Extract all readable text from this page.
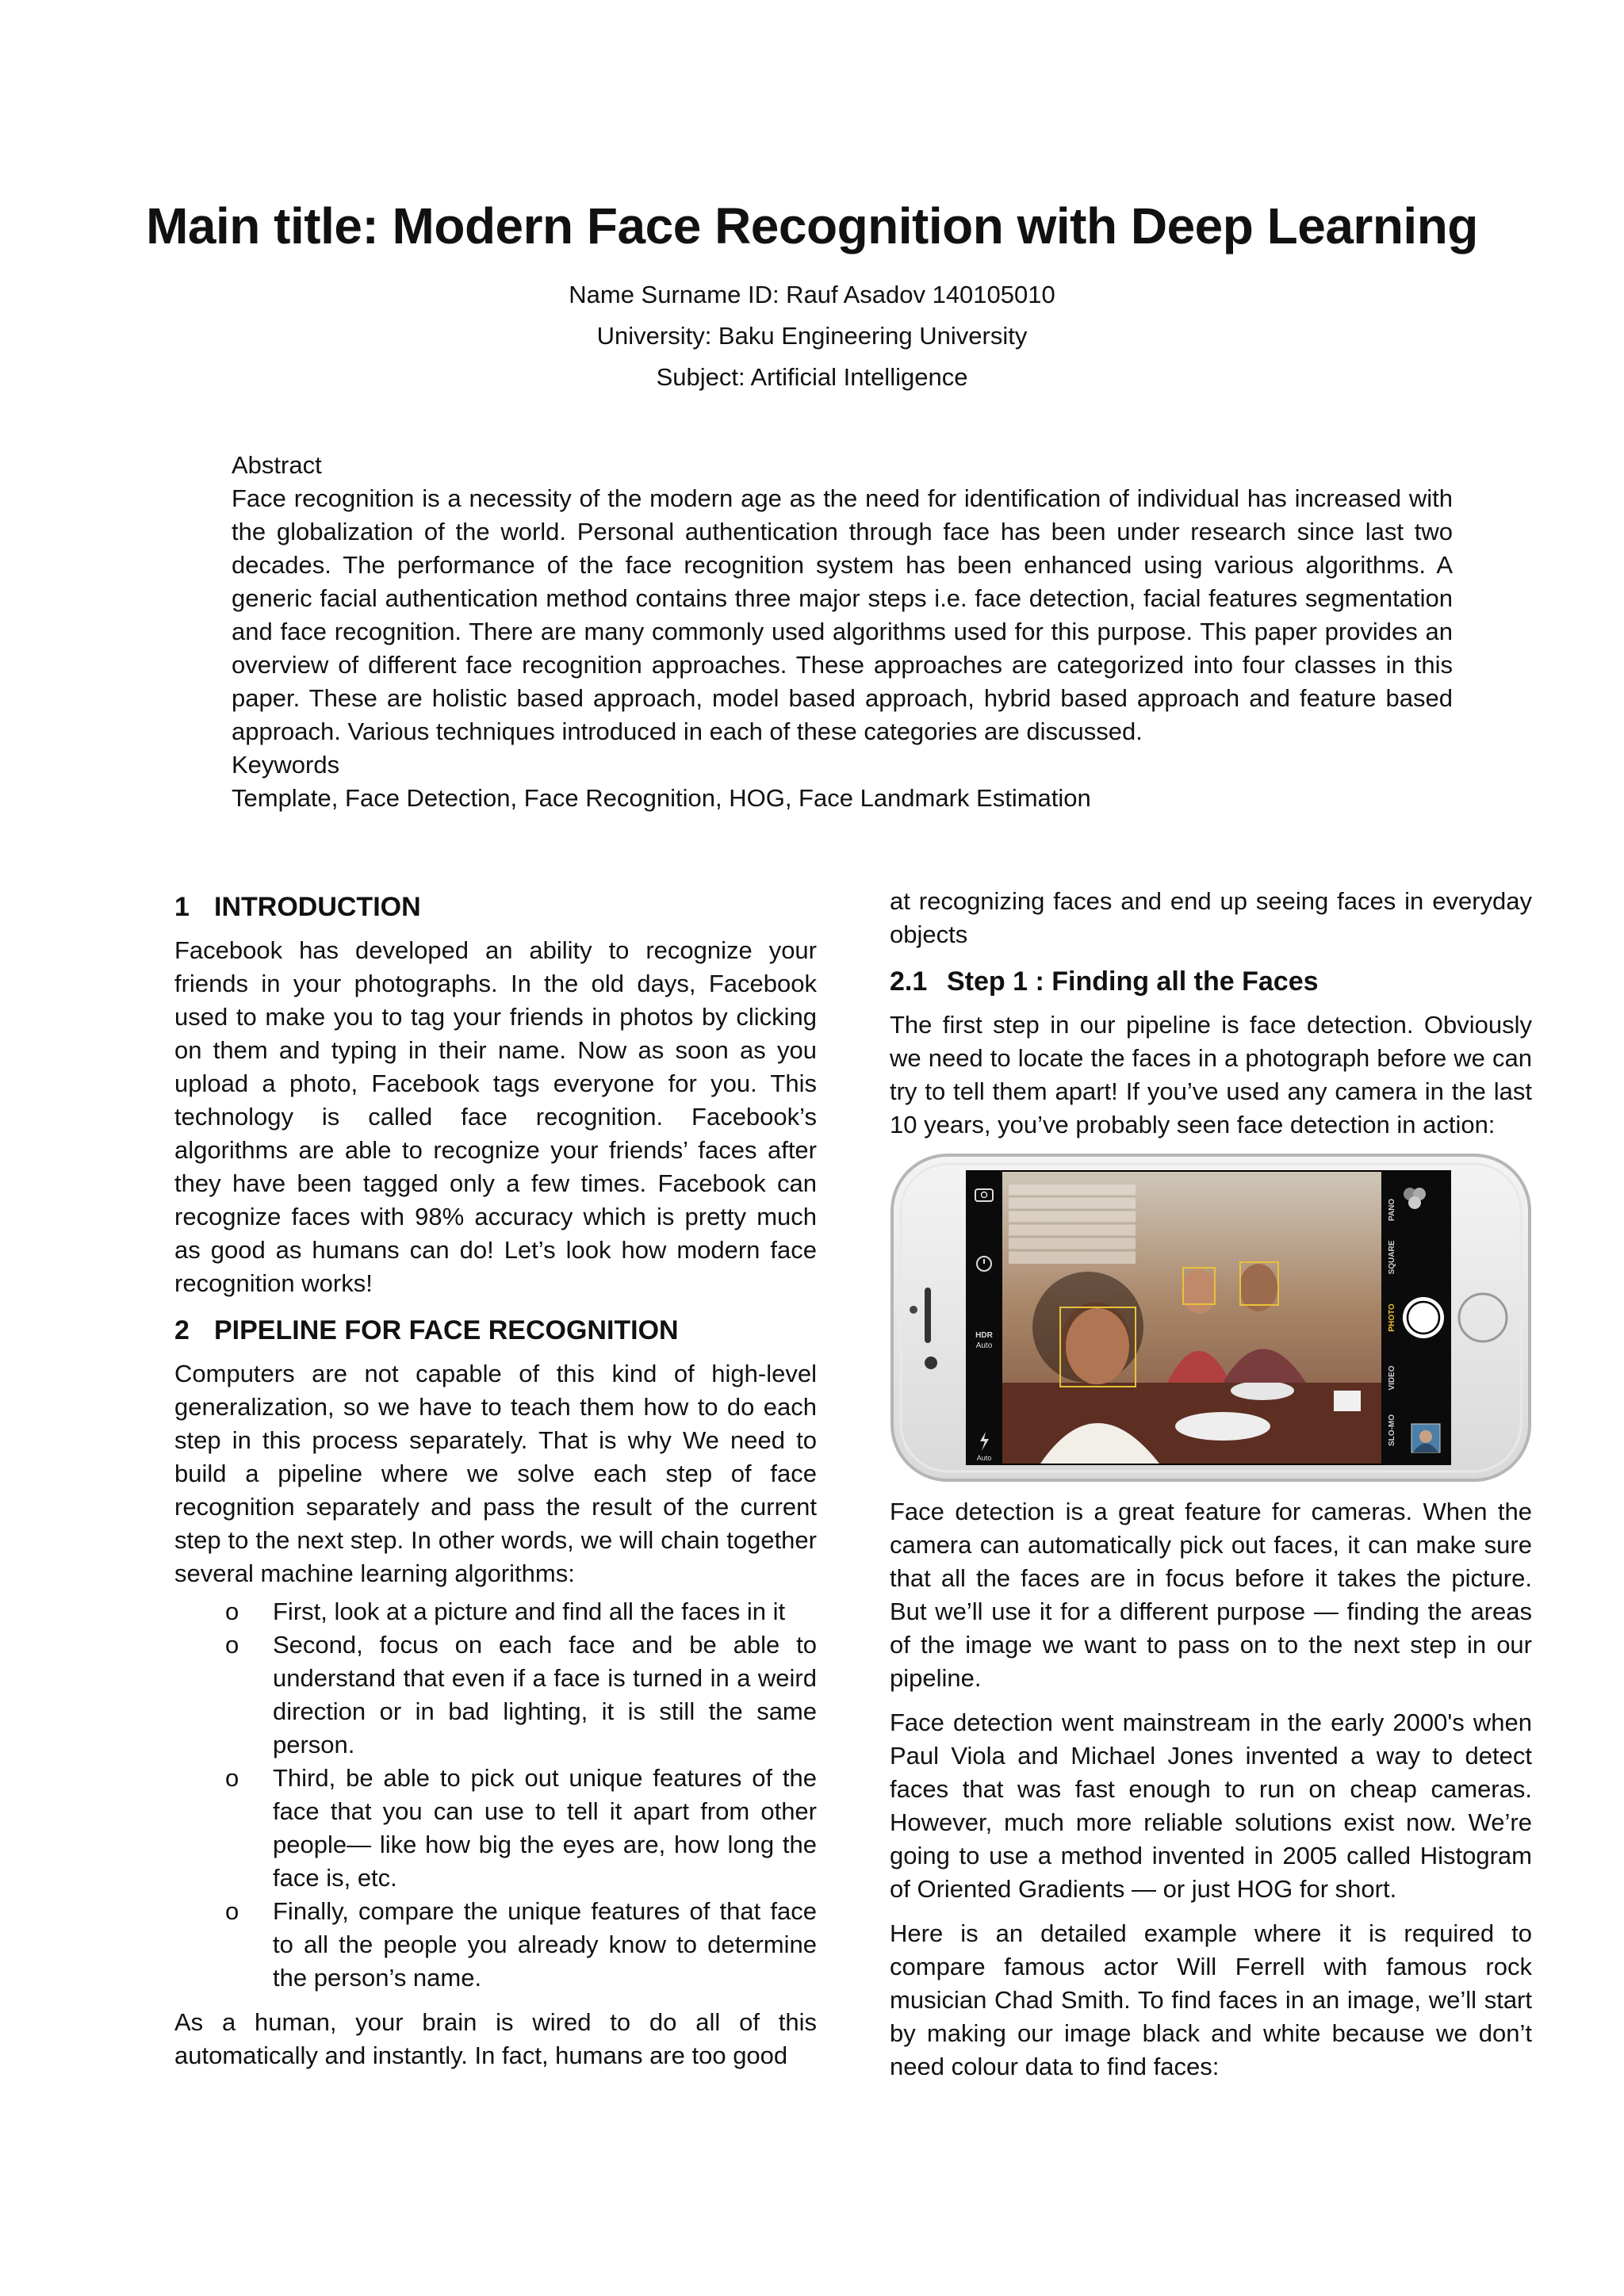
Main title: Modern Face Recognition with Deep Learning
Name Surname ID: Rauf Asadov 140105010
University: Baku Engineering University
Subject: Artificial Intelligence

Abstract

Face recognition is a necessity of the modern age as the need for identification of individual has increased with the globalization of the world. Personal authentication through face has been under research since last two decades. The performance of the face recognition system has been enhanced using various algorithms. A generic facial authentication method contains three major steps i.e. face detection, facial features segmentation and face recognition. There are many commonly used algorithms used for this purpose. This paper provides an overview of different face recognition approaches. These approaches are categorized into four classes in this paper. These are holistic based approach, model based approach, hybrid based approach and feature based approach. Various techniques introduced in each of these categories are discussed.

Keywords

Template, Face Detection, Face Recognition, HOG, Face Landmark Estimation

1 INTRODUCTION

Facebook has developed an ability to recognize your friends in your photographs. In the old days, Facebook used to make you to tag your friends in photos by clicking on them and typing in their name. Now as soon as you upload a photo, Facebook tags everyone for you. This technology is called face recognition. Facebook’s algorithms are able to recognize your friends’ faces after they have been tagged only a few times. Facebook can recognize faces with 98% accuracy which is pretty much as good as humans can do! Let’s look how modern face recognition works!

2 PIPELINE FOR FACE RECOGNITION

Computers are not capable of this kind of high-level generalization, so we have to teach them how to do each step in this process separately. That is why We need to build a pipeline where we solve each step of face recognition separately and pass the result of the current step to the next step. In other words, we will chain together several machine learning algorithms:

o First, look at a picture and find all the faces in it
o Second, focus on each face and be able to understand that even if a face is turned in a weird direction or in bad lighting, it is still the same person.
o Third, be able to pick out unique features of the face that you can use to tell it apart from other people— like how big the eyes are, how long the face is, etc.
o Finally, compare the unique features of that face to all the people you already know to determine the person’s name.

As a human, your brain is wired to do all of this automatically and instantly. In fact, humans are too good

at recognizing faces and end up seeing faces in everyday objects

2.1 Step 1 : Finding all the Faces

The first step in our pipeline is face detection. Obviously we need to locate the faces in a photograph before we can try to tell them apart! If you’ve used any camera in the last 10 years, you’ve probably seen face detection in action:

HDR
Auto
Auto
SLO-MO
VIDEO
PHOTO
SQUARE
PANO

Face detection is a great feature for cameras. When the camera can automatically pick out faces, it can make sure that all the faces are in focus before it takes the picture. But we’ll use it for a different purpose — finding the areas of the image we want to pass on to the next step in our pipeline.

Face detection went mainstream in the early 2000's when Paul Viola and Michael Jones invented a way to detect faces that was fast enough to run on cheap cameras. However, much more reliable solutions exist now. We’re going to use a method invented in 2005 called Histogram of Oriented Gradients — or just HOG for short.

Here is an detailed example where it is required to compare famous actor Will Ferrell with famous rock musician Chad Smith. To find faces in an image, we’ll start by making our image black and white because we don’t need colour data to find faces:
